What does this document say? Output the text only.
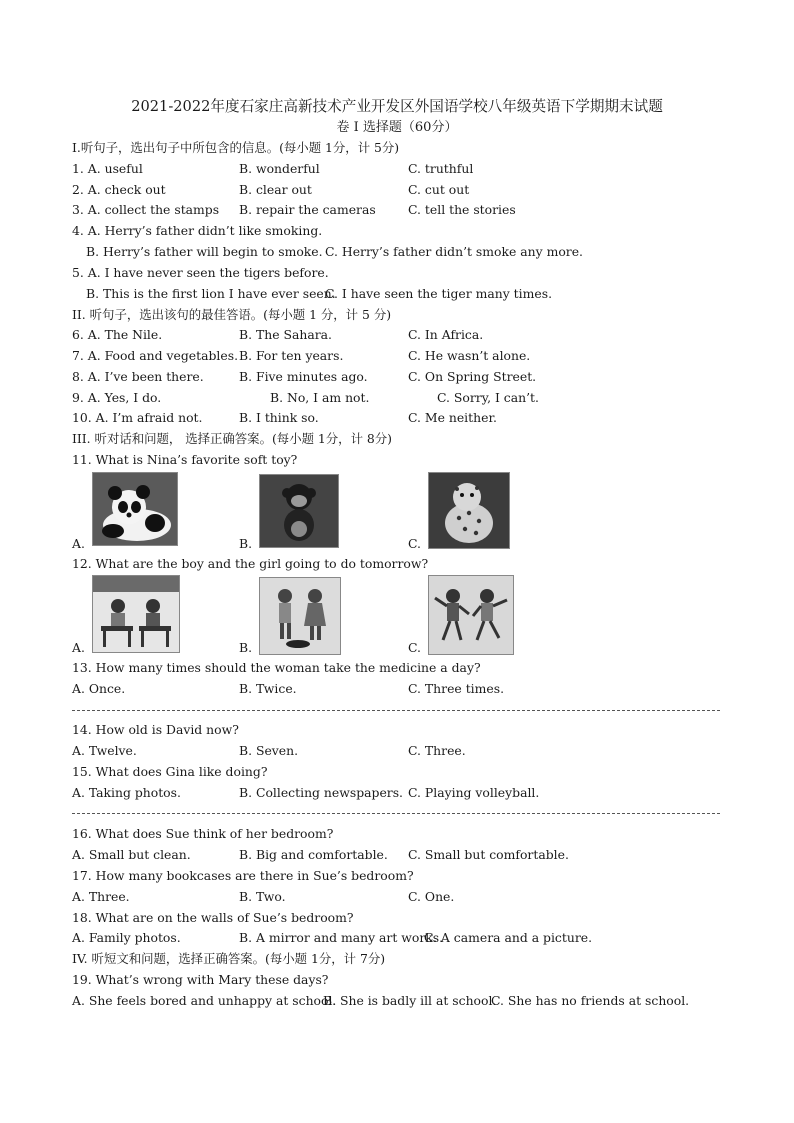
2021-2022年度石家庄高新技术产业开发区外国语学校八年级英语下学期期末试题
卷 I 选择题（60分）
I.听句子，选出句子中所包含的信息。(每小题 1分，计 5分)
1. A. useful	B. wonderful	C. truthful
2. A. check out	B. clear out	C. cut out
3. A. collect the stamps B. repair the cameras	C. tell the stories
4. A. Herry’s father didn’t like smoking.
B. Herry’s father will begin to smoke. C. Herry’s father didn’t smoke any more.
5. A. I have never seen the tigers before.
B. This is the first lion I have ever seen.
C. I have seen the tiger many times.
II. 听句子，选出该句的最佳答语。(每小题 1 分，计 5 分)
6. A. The Nile.	B. The Sahara.	C. In Africa.
7. A. Food and vegetables. B. For ten years.	C. He wasn’t alone.
8. A. I’ve been there.	B. Five minutes ago.	C. On Spring Street.
9. A. Yes, I do.	B. No, I am not.	C. Sorry, I can’t.
10. A. I’m afraid not.	B. I think so.	C. Me neither.
III. 听对话和问题， 选择正确答案。(每小题 1分，计 8分)
11. What is Nina’s favorite soft toy?
A.	B.	C.
12. What are the boy and the girl going to do tomorrow?
A.	B.	C.
13. How many times should the woman take the medicine a day?
A. Once.	B. Twice.	C. Three times.
14. How old is David now?
A. Twelve.	B. Seven.	C. Three.
15. What does Gina like doing?
A. Taking photos.	B. Collecting newspapers. C. Playing volleyball.
16. What does Sue think of her bedroom?
A. Small but clean.	B. Big and comfortable. C. Small but comfortable.
17. How many bookcases are there in Sue’s bedroom?
A. Three.	B. Two.	C. One.
18. What are on the walls of Sue’s bedroom?
A. Family photos.	B. A mirror and many art works.
C. A camera and a picture.
IV. 听短文和问题，选择正确答案。(每小题 1分，计 7分)
19. What’s wrong with Mary these days?
A. She feels bored and unhappy at school.
B. She is badly ill at school.
C. She has no friends at school.
